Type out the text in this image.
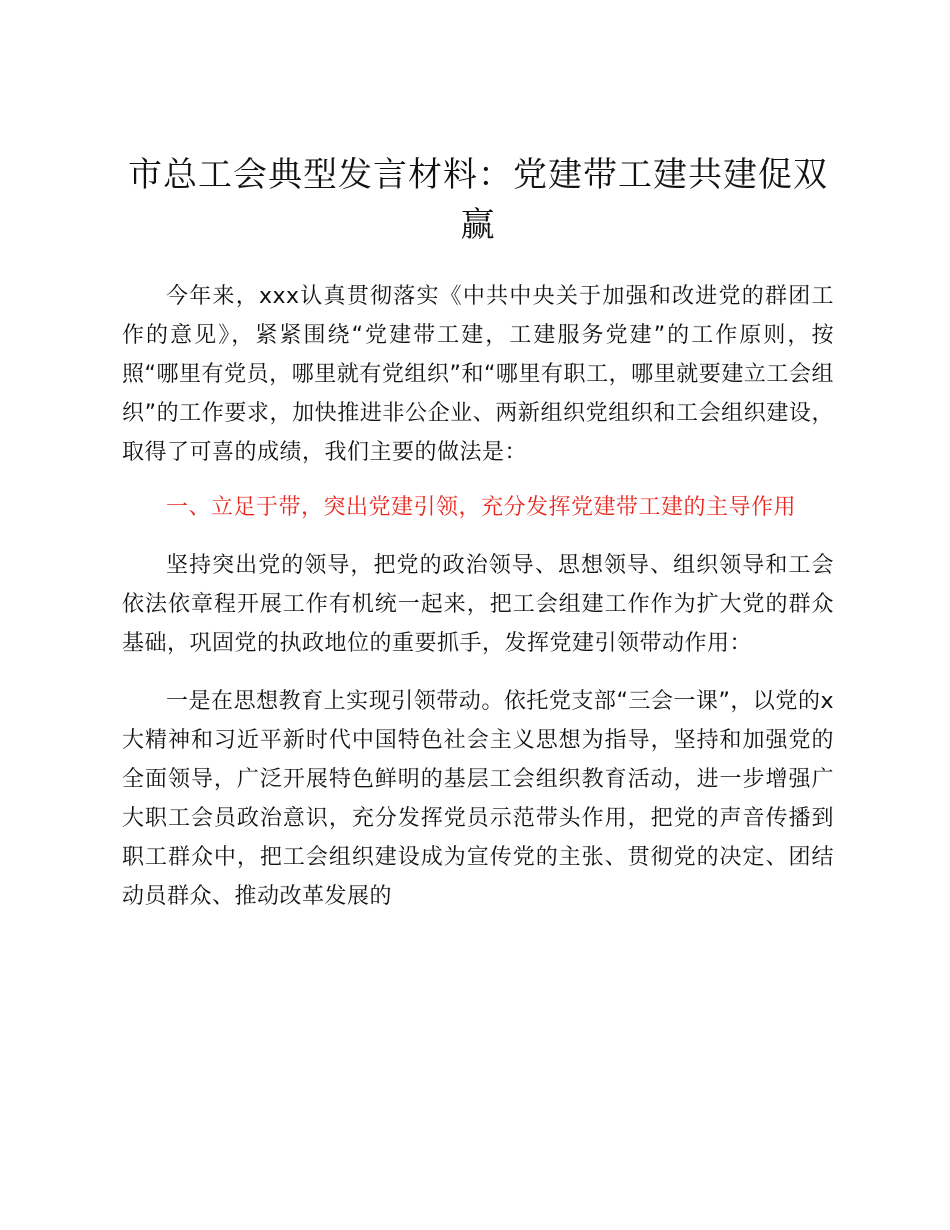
市总工会典型发言材料：党建带工建共建促双赢

今年来，xxx认真贯彻落实《中共中央关于加强和改进党的群团工作的意见》，紧紧围绕“党建带工建，工建服务党建”的工作原则，按照“哪里有党员，哪里就有党组织”和“哪里有职工，哪里就要建立工会组织”的工作要求，加快推进非公企业、两新组织党组织和工会组织建设，取得了可喜的成绩，我们主要的做法是：

一、立足于带，突出党建引领，充分发挥党建带工建的主导作用

坚持突出党的领导，把党的政治领导、思想领导、组织领导和工会依法依章程开展工作有机统一起来，把工会组建工作作为扩大党的群众基础，巩固党的执政地位的重要抓手，发挥党建引领带动作用：

一是在思想教育上实现引领带动。依托党支部“三会一课”，以党的x大精神和习近平新时代中国特色社会主义思想为指导，坚持和加强党的全面领导，广泛开展特色鲜明的基层工会组织教育活动，进一步增强广大职工会员政治意识，充分发挥党员示范带头作用，把党的声音传播到职工群众中，把工会组织建设成为宣传党的主张、贯彻党的决定、团结动员群众、推动改革发展的
